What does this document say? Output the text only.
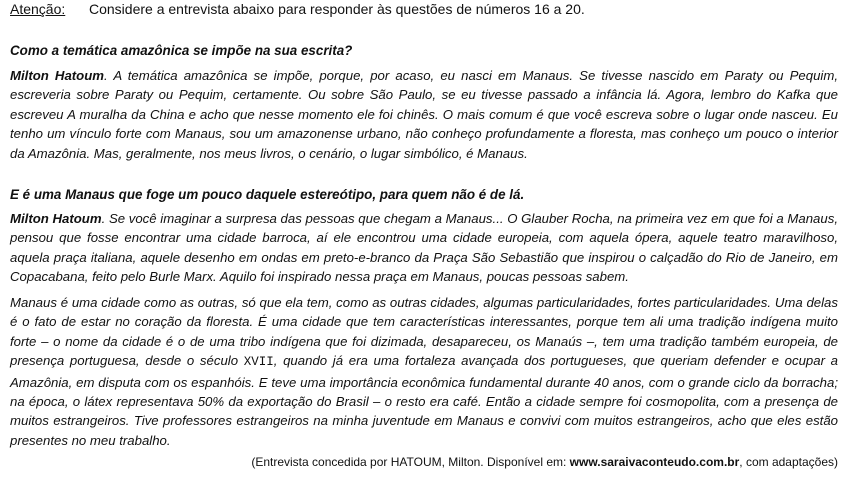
Atenção: Considere a entrevista abaixo para responder às questões de números 16 a 20.
Como a temática amazônica se impõe na sua escrita?
Milton Hatoum. A temática amazônica se impõe, porque, por acaso, eu nasci em Manaus. Se tivesse nascido em Paraty ou Pequim, escreveria sobre Paraty ou Pequim, certamente. Ou sobre São Paulo, se eu tivesse passado a infância lá. Agora, lembro do Kafka que escreveu A muralha da China e acho que nesse momento ele foi chinês. O mais comum é que você escreva sobre o lugar onde nasceu. Eu tenho um vínculo forte com Manaus, sou um amazonense urbano, não conheço profundamente a floresta, mas conheço um pouco o interior da Amazônia. Mas, geralmente, nos meus livros, o cenário, o lugar simbólico, é Manaus.
E é uma Manaus que foge um pouco daquele estereótipo, para quem não é de lá.
Milton Hatoum. Se você imaginar a surpresa das pessoas que chegam a Manaus... O Glauber Rocha, na primeira vez em que foi a Manaus, pensou que fosse encontrar uma cidade barroca, aí ele encontrou uma cidade europeia, com aquela ópera, aquele teatro maravilhoso, aquela praça italiana, aquele desenho em ondas em preto-e-branco da Praça São Sebastião que inspirou o calçadão do Rio de Janeiro, em Copacabana, feito pelo Burle Marx. Aquilo foi inspirado nessa praça em Manaus, poucas pessoas sabem.
Manaus é uma cidade como as outras, só que ela tem, como as outras cidades, algumas particularidades, fortes particularidades. Uma delas é o fato de estar no coração da floresta. É uma cidade que tem características interessantes, porque tem ali uma tradição indígena muito forte – o nome da cidade é o de uma tribo indígena que foi dizimada, desapareceu, os Manaús –, tem uma tradição também europeia, de presença portuguesa, desde o século XVII, quando já era uma fortaleza avançada dos portugueses, que queriam defender e ocupar a Amazônia, em disputa com os espanhóis. E teve uma importância econômica fundamental durante 40 anos, com o grande ciclo da borracha; na época, o látex representava 50% da exportação do Brasil – o resto era café. Então a cidade sempre foi cosmopolita, com a presença de muitos estrangeiros. Tive professores estrangeiros na minha juventude em Manaus e convivi com muitos estrangeiros, acho que eles estão presentes no meu trabalho.
(Entrevista concedida por HATOUM, Milton. Disponível em: www.saraivaconteudo.com.br, com adaptações)
